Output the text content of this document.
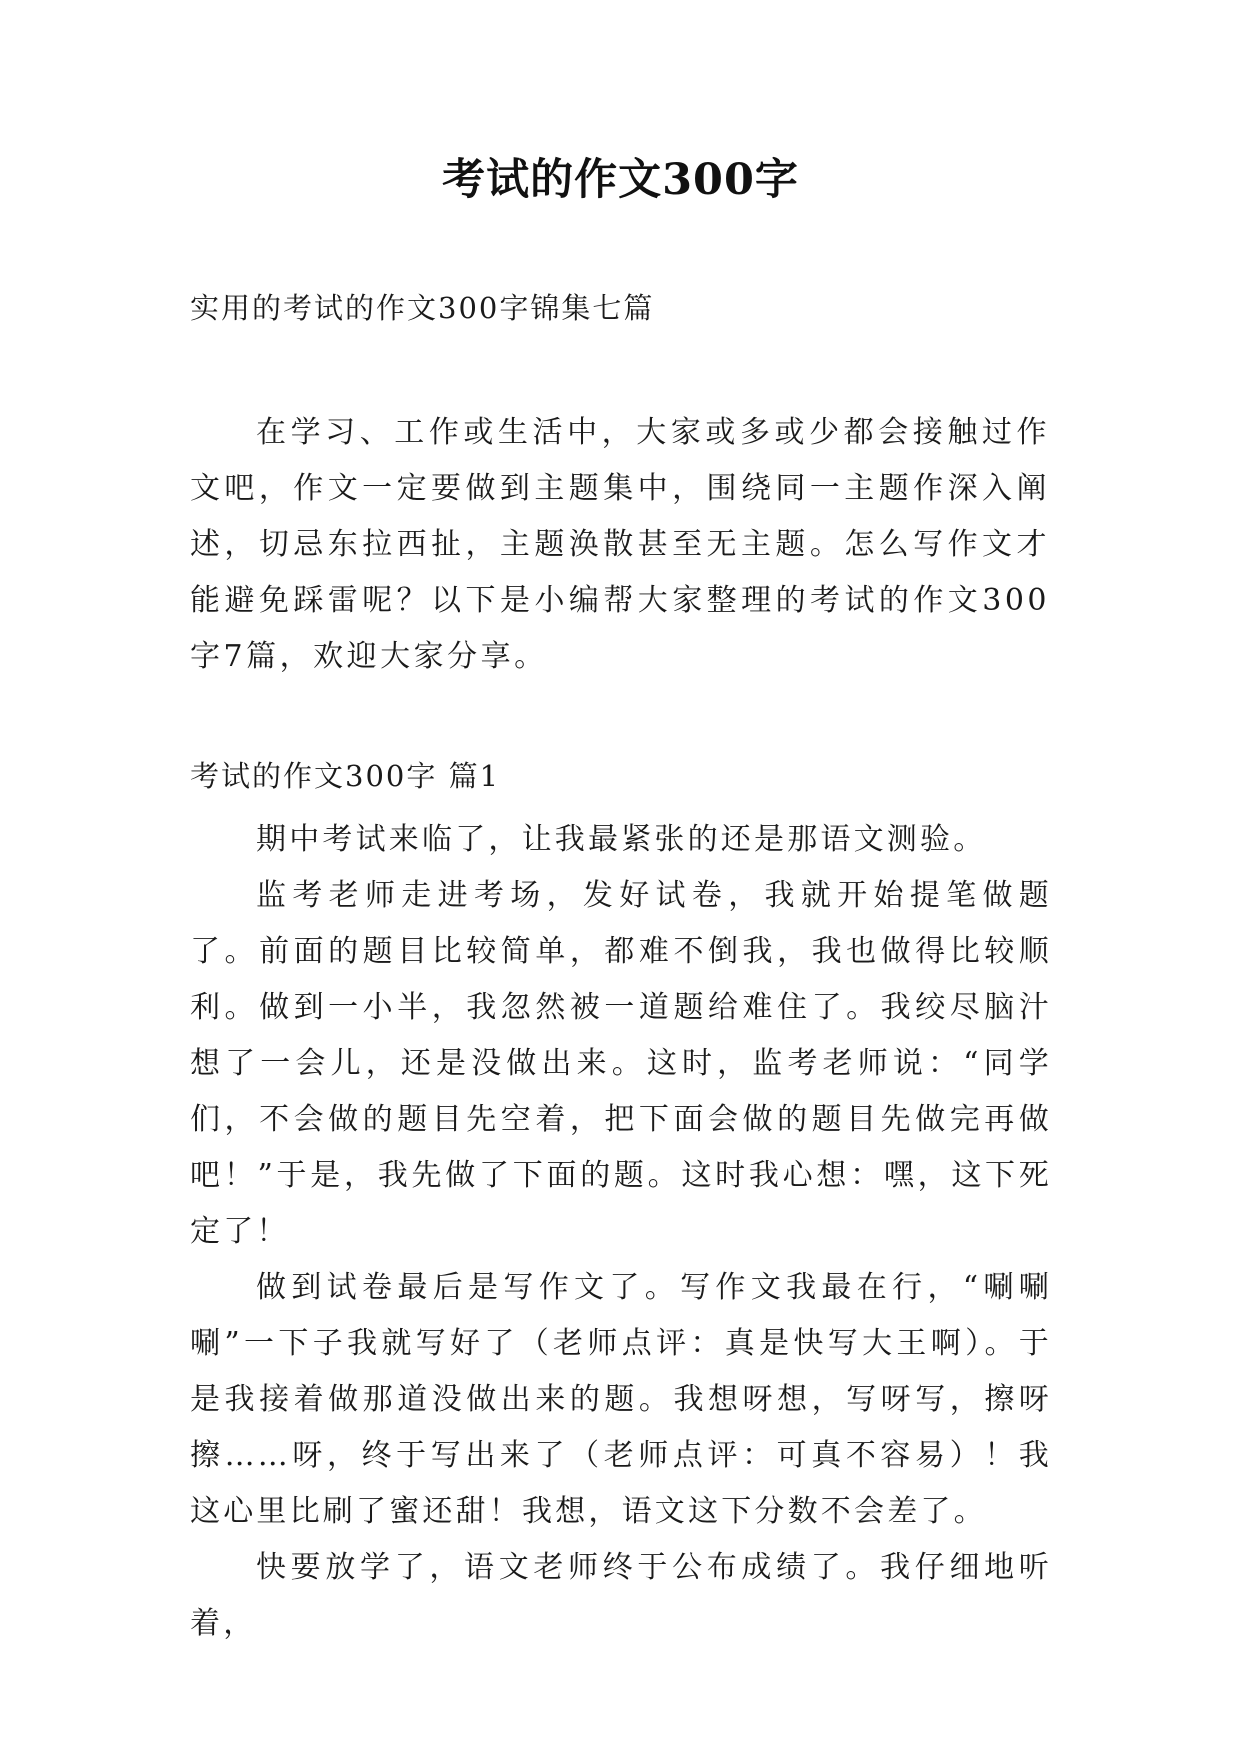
考试的作文300字
实用的考试的作文300字锦集七篇

在学习、工作或生活中，大家或多或少都会接触过作文吧，作文一定要做到主题集中，围绕同一主题作深入阐述，切忌东拉西扯，主题涣散甚至无主题。怎么写作文才能避免踩雷呢？以下是小编帮大家整理的考试的作文300字7篇，欢迎大家分享。

考试的作文300字 篇1

期中考试来临了，让我最紧张的还是那语文测验。

监考老师走进考场，发好试卷，我就开始提笔做题了。前面的题目比较简单，都难不倒我，我也做得比较顺利。做到一小半，我忽然被一道题给难住了。我绞尽脑汁想了一会儿，还是没做出来。这时，监考老师说：“同学们，不会做的题目先空着，把下面会做的题目先做完再做吧！”于是，我先做了下面的题。这时我心想：嘿，这下死定了！

做到试卷最后是写作文了。写作文我最在行，“唰唰唰”一下子我就写好了（老师点评：真是快写大王啊）。于是我接着做那道没做出来的题。我想呀想，写呀写，擦呀擦……呀，终于写出来了（老师点评：可真不容易）！我这心里比刷了蜜还甜！我想，语文这下分数不会差了。

快要放学了，语文老师终于公布成绩了。我仔细地听着，
